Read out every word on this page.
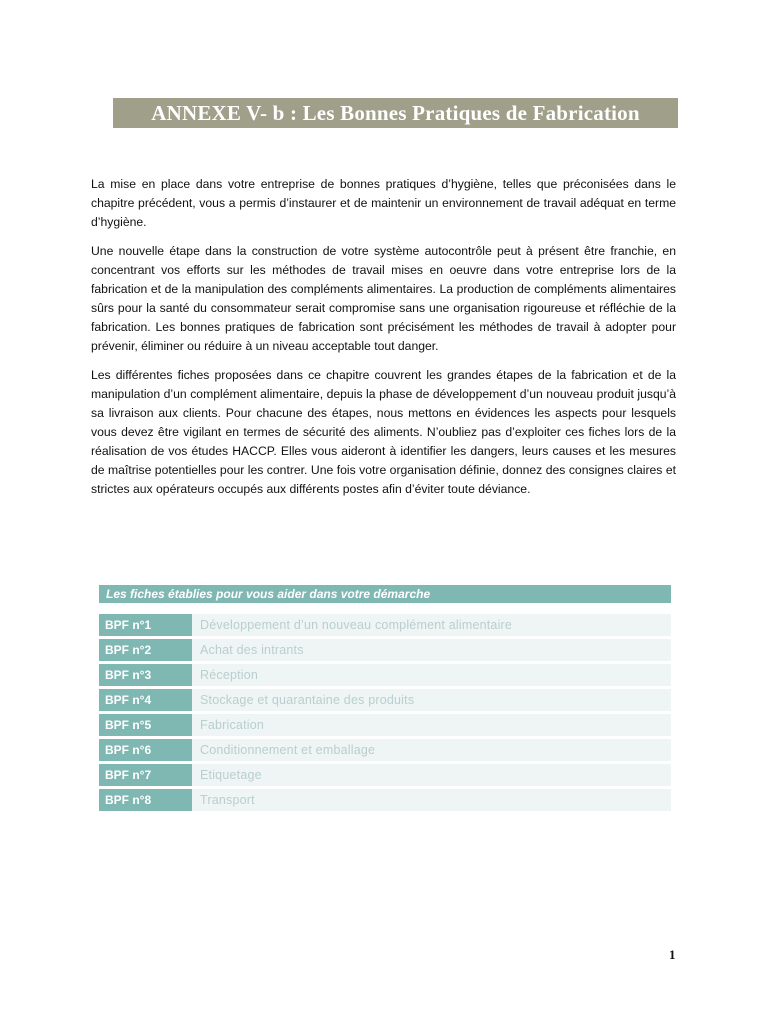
ANNEXE V- b : Les Bonnes Pratiques de Fabrication

La mise en place dans votre entreprise de bonnes pratiques d’hygiène, telles que préconisées dans le chapitre précédent, vous a permis d’instaurer et de maintenir un environnement de travail adéquat en terme d’hygiène.

Une nouvelle étape dans la construction de votre système autocontrôle peut à présent être franchie, en concentrant vos efforts sur les méthodes de travail mises en oeuvre dans votre entreprise lors de la fabrication et de la manipulation des compléments alimentaires. La production de compléments alimentaires sûrs pour la santé du consommateur serait compromise sans une organisation rigoureuse et réfléchie de la fabrication. Les bonnes pratiques de fabrication sont précisément les méthodes de travail à adopter pour prévenir, éliminer ou réduire à un niveau acceptable tout danger.

Les différentes fiches proposées dans ce chapitre couvrent les grandes étapes de la fabrication et de la manipulation d’un complément alimentaire, depuis la phase de développement d’un nouveau produit jusqu’à sa livraison aux clients. Pour chacune des étapes, nous mettons en évidences les aspects pour lesquels vous devez être vigilant en termes de sécurité des aliments. N’oubliez pas d’exploiter ces fiches lors de la réalisation de vos études HACCP. Elles vous aideront à identifier les dangers, leurs causes et les mesures de maîtrise potentielles pour les contrer. Une fois votre organisation définie, donnez des consignes claires et strictes aux opérateurs occupés aux différents postes afin d’éviter toute déviance.

Les fiches établies pour vous aider dans votre démarche
BPF n°1	Développement d’un nouveau complément alimentaire
BPF n°2	Achat des intrants
BPF n°3	Réception
BPF n°4	Stockage et quarantaine des produits
BPF n°5	Fabrication
BPF n°6	Conditionnement et emballage
BPF n°7	Etiquetage
BPF n°8	Transport
1
